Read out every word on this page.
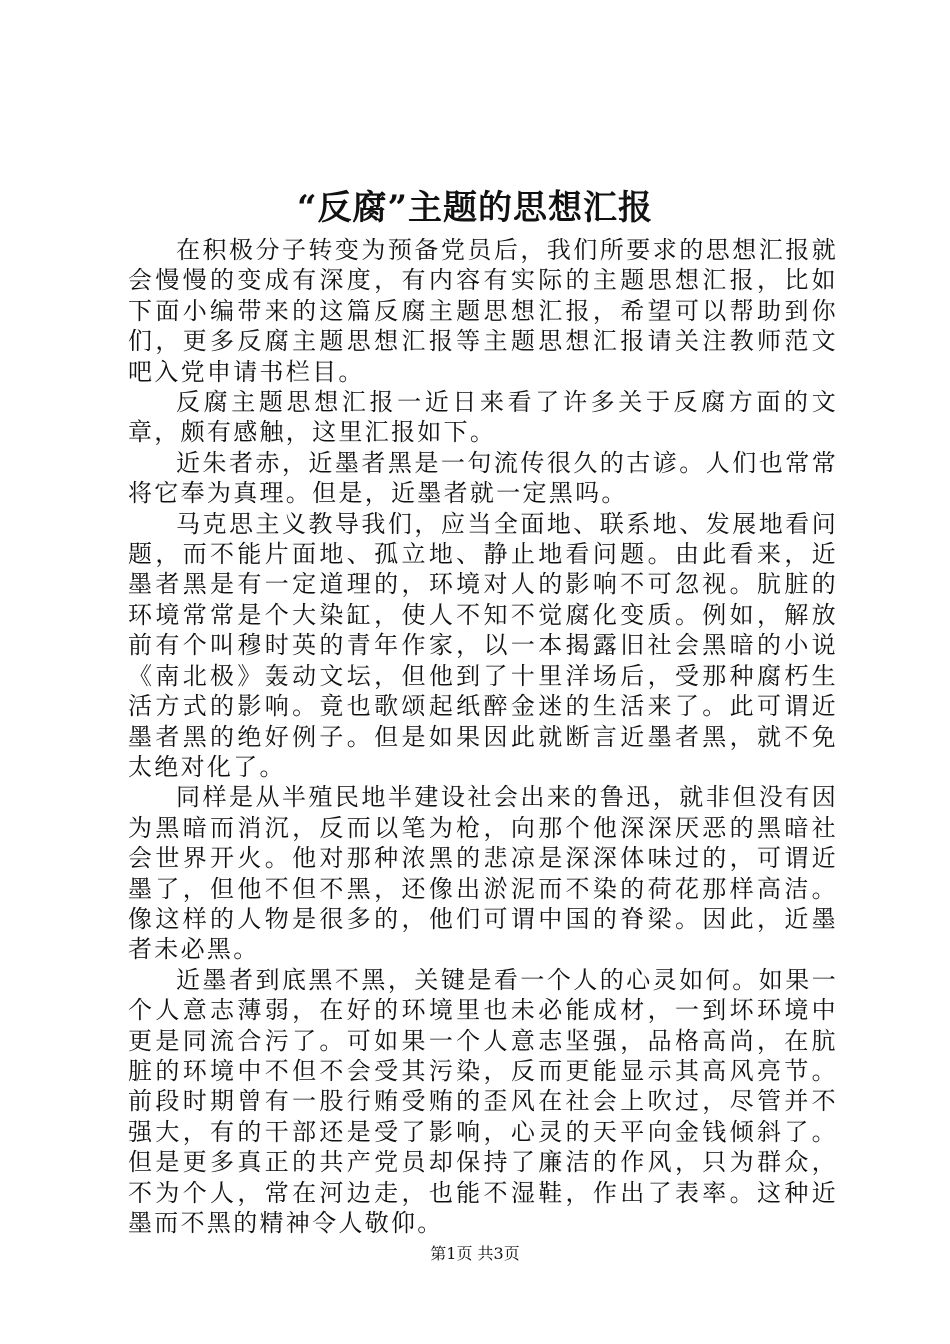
“反腐”主题的思想汇报

在积极分子转变为预备党员后，我们所要求的思想汇报就会慢慢的变成有深度，有内容有实际的主题思想汇报，比如下面小编带来的这篇反腐主题思想汇报，希望可以帮助到你们，更多反腐主题思想汇报等主题思想汇报请关注教师范文吧入党申请书栏目。

反腐主题思想汇报一近日来看了许多关于反腐方面的文章，颇有感触，这里汇报如下。

近朱者赤，近墨者黑是一句流传很久的古谚。人们也常常将它奉为真理。但是，近墨者就一定黑吗。

马克思主义教导我们，应当全面地、联系地、发展地看问题，而不能片面地、孤立地、静止地看问题。由此看来，近墨者黑是有一定道理的，环境对人的影响不可忽视。肮脏的环境常常是个大染缸，使人不知不觉腐化变质。例如，解放前有个叫穆时英的青年作家，以一本揭露旧社会黑暗的小说《南北极》轰动文坛，但他到了十里洋场后，受那种腐朽生活方式的影响。竟也歌颂起纸醉金迷的生活来了。此可谓近墨者黑的绝好例子。但是如果因此就断言近墨者黑，就不免太绝对化了。

同样是从半殖民地半建设社会出来的鲁迅，就非但没有因为黑暗而消沉，反而以笔为枪，向那个他深深厌恶的黑暗社会世界开火。他对那种浓黑的悲凉是深深体味过的，可谓近墨了，但他不但不黑，还像出淤泥而不染的荷花那样高洁。像这样的人物是很多的，他们可谓中国的脊梁。因此，近墨者未必黑。

近墨者到底黑不黑，关键是看一个人的心灵如何。如果一个人意志薄弱，在好的环境里也未必能成材，一到坏环境中更是同流合污了。可如果一个人意志坚强，品格高尚，在肮脏的环境中不但不会受其污染，反而更能显示其高风亮节。前段时期曾有一股行贿受贿的歪风在社会上吹过，尽管并不强大，有的干部还是受了影响，心灵的天平向金钱倾斜了。但是更多真正的共产党员却保持了廉洁的作风，只为群众，不为个人，常在河边走，也能不湿鞋，作出了表率。这种近墨而不黑的精神令人敬仰。

第1页 共3页
